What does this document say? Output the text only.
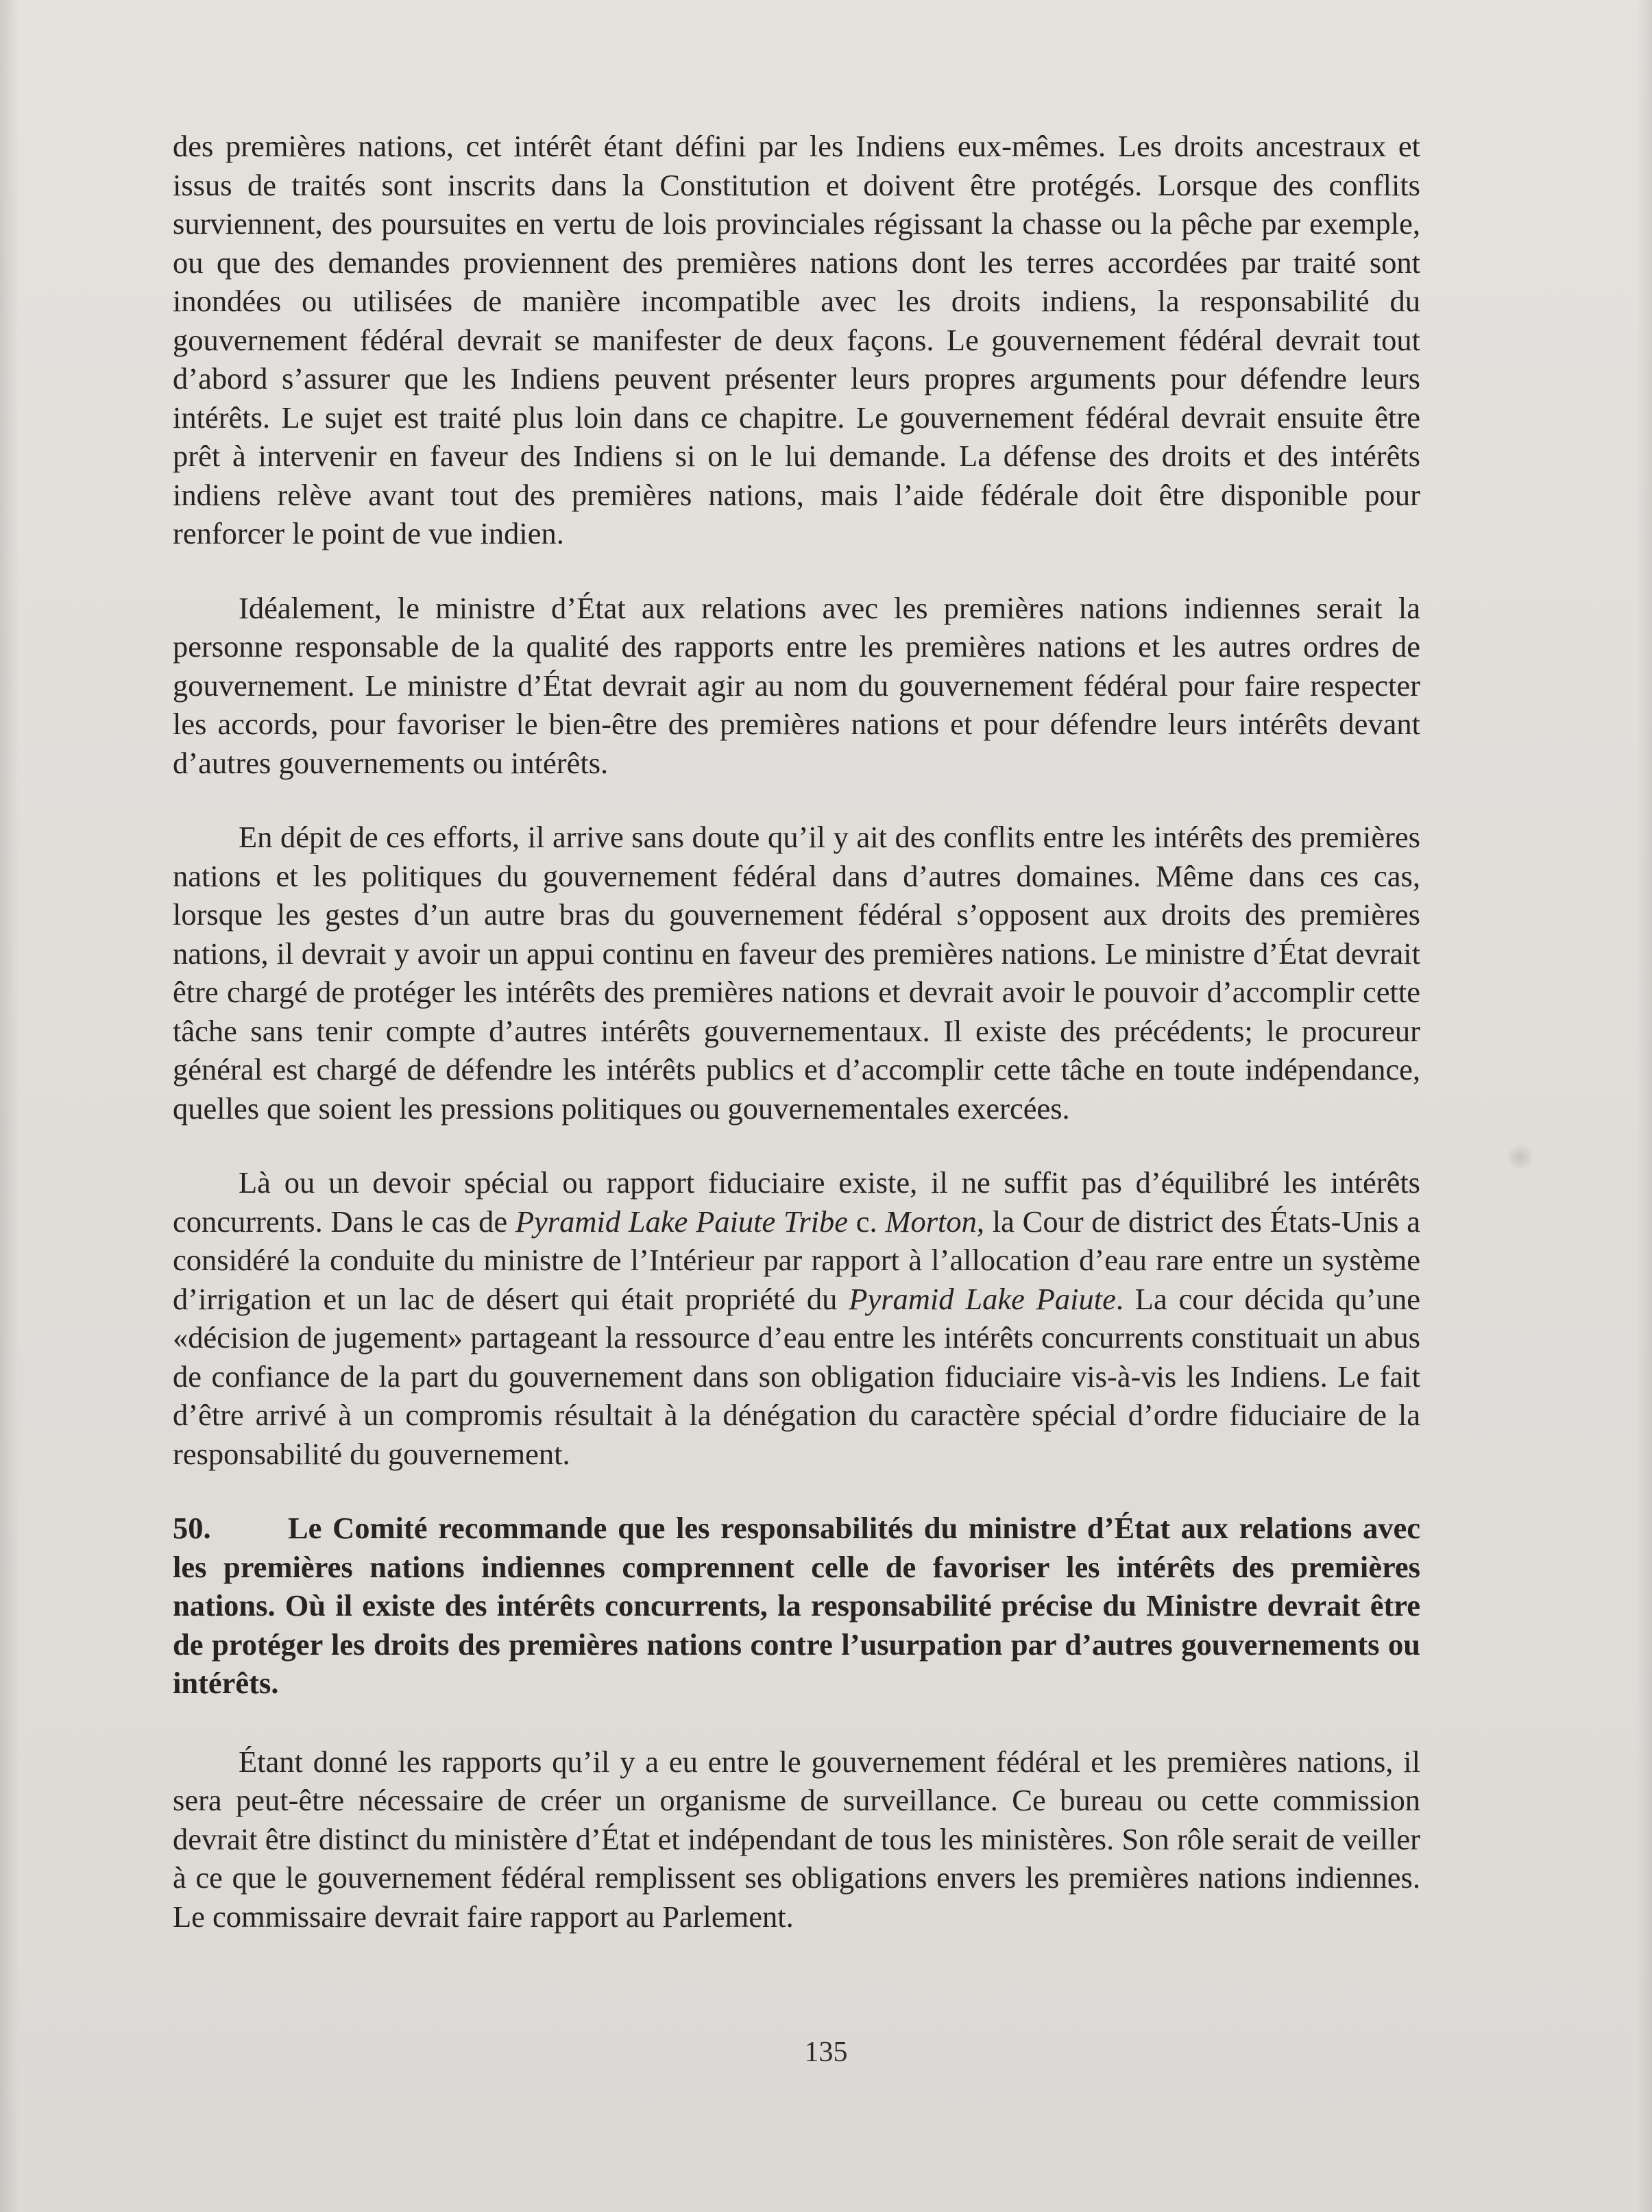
des premières nations, cet intérêt étant défini par les Indiens eux-mêmes. Les droits ancestraux et issus de traités sont inscrits dans la Constitution et doivent être protégés. Lorsque des conflits surviennent, des poursuites en vertu de lois provinciales régissant la chasse ou la pêche par exemple, ou que des demandes proviennent des premières nations dont les terres accordées par traité sont inondées ou utilisées de manière incompatible avec les droits indiens, la responsabilité du gouvernement fédéral devrait se manifester de deux façons. Le gouvernement fédéral devrait tout d’abord s’assurer que les Indiens peuvent présenter leurs propres arguments pour défendre leurs intérêts. Le sujet est traité plus loin dans ce chapitre. Le gouvernement fédéral devrait ensuite être prêt à intervenir en faveur des Indiens si on le lui demande. La défense des droits et des intérêts indiens relève avant tout des premières nations, mais l’aide fédérale doit être disponible pour renforcer le point de vue indien.

Idéalement, le ministre d’État aux relations avec les premières nations indiennes serait la personne responsable de la qualité des rapports entre les premières nations et les autres ordres de gouvernement. Le ministre d’État devrait agir au nom du gouvernement fédéral pour faire respecter les accords, pour favoriser le bien-être des premières nations et pour défendre leurs intérêts devant d’autres gouvernements ou intérêts.

En dépit de ces efforts, il arrive sans doute qu’il y ait des conflits entre les intérêts des premières nations et les politiques du gouvernement fédéral dans d’autres domaines. Même dans ces cas, lorsque les gestes d’un autre bras du gouvernement fédéral s’opposent aux droits des premières nations, il devrait y avoir un appui continu en faveur des premières nations. Le ministre d’État devrait être chargé de protéger les intérêts des premières nations et devrait avoir le pouvoir d’accomplir cette tâche sans tenir compte d’autres intérêts gouvernementaux. Il existe des précédents; le procureur général est chargé de défendre les intérêts publics et d’accomplir cette tâche en toute indépendance, quelles que soient les pressions politiques ou gouvernementales exercées.

Là ou un devoir spécial ou rapport fiduciaire existe, il ne suffit pas d’équilibré les intérêts concurrents. Dans le cas de Pyramid Lake Paiute Tribe c. Morton, la Cour de district des États-Unis a considéré la conduite du ministre de l’Intérieur par rapport à l’allocation d’eau rare entre un système d’irrigation et un lac de désert qui était propriété du Pyramid Lake Paiute. La cour décida qu’une «décision de jugement» partageant la ressource d’eau entre les intérêts concurrents constituait un abus de confiance de la part du gouvernement dans son obligation fiduciaire vis-à-vis les Indiens. Le fait d’être arrivé à un compromis résultait à la dénégation du caractère spécial d’ordre fiduciaire de la responsabilité du gouvernement.

50.	Le Comité recommande que les responsabilités du ministre d’État aux relations avec les premières nations indiennes comprennent celle de favoriser les intérêts des premières nations. Où il existe des intérêts concurrents, la responsabilité précise du Ministre devrait être de protéger les droits des premières nations contre l’usurpation par d’autres gouvernements ou intérêts.

Étant donné les rapports qu’il y a eu entre le gouvernement fédéral et les premières nations, il sera peut-être nécessaire de créer un organisme de surveillance. Ce bureau ou cette commission devrait être distinct du ministère d’État et indépendant de tous les ministères. Son rôle serait de veiller à ce que le gouvernement fédéral remplissent ses obligations envers les premières nations indiennes. Le commissaire devrait faire rapport au Parlement.

135
